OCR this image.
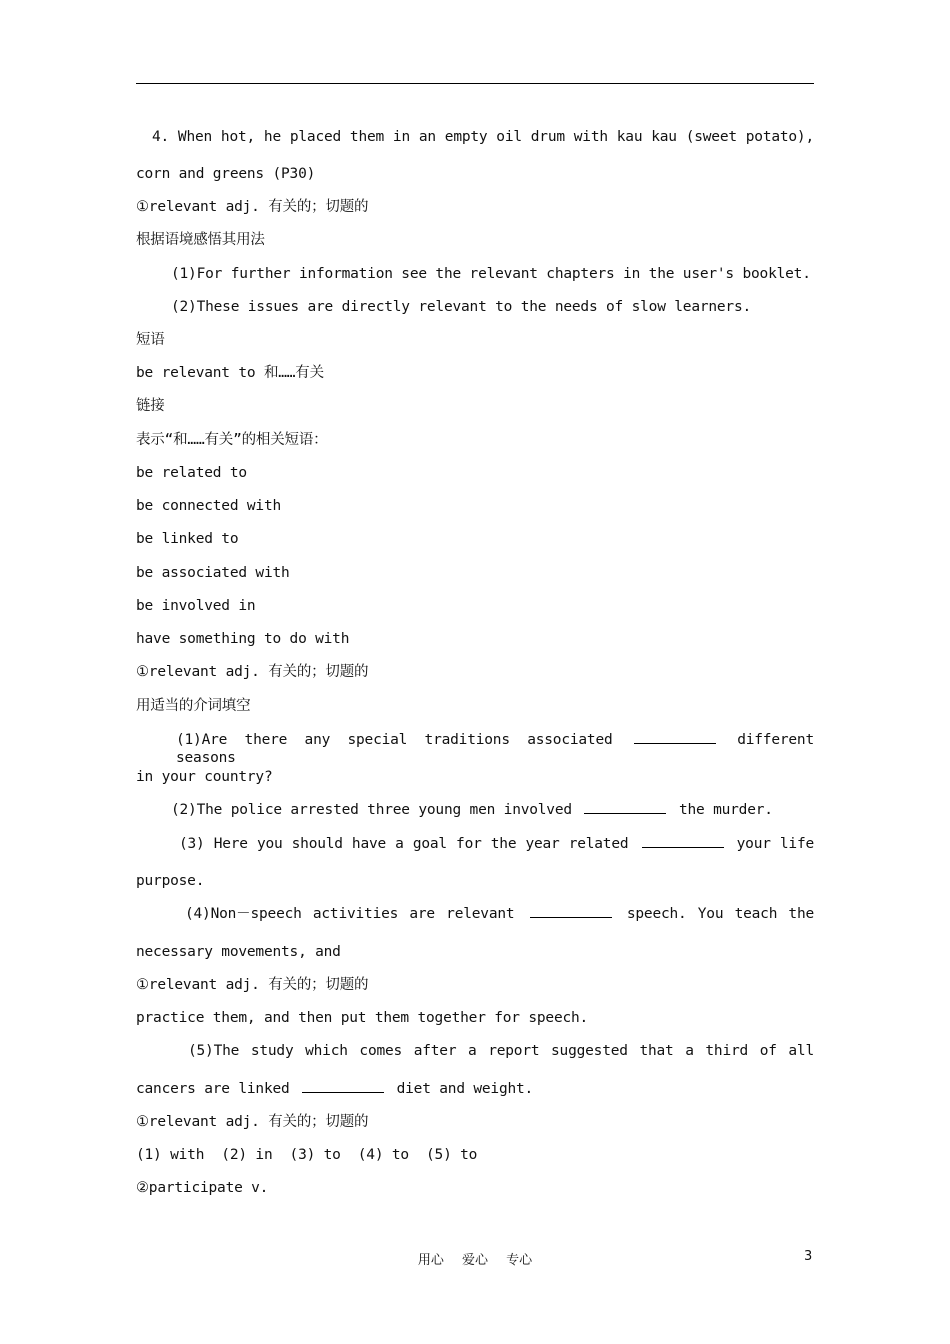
4. When hot, he placed them in an empty oil drum with kau kau (sweet potato),
corn and greens (P30)
①relevant adj. 有关的；切题的
根据语境感悟其用法
(1)For further information see the relevant chapters in the user's booklet.
(2)These issues are directly relevant to the needs of slow learners.
短语
be relevant to 和……有关
链接
表示“和……有关”的相关短语：
be related to
be connected with
be linked to
be associated with
be involved in
have something to do with
①relevant adj. 有关的；切题的
用适当的介词填空
(1)Are there any special traditions associated	different seasons
in your country?
(2)The police arrested three young men involved	the murder.
(3) Here you should have a goal for the year related	your life
purpose.
(4)Non－speech activities are relevant	speech. You teach the
necessary movements, and
①relevant adj. 有关的；切题的
practice them, and then put them together for speech.
(5)The study which comes after a report suggested that a third of all
cancers are linked	diet and weight.
①relevant adj. 有关的；切题的
(1) with  (2) in  (3) to  (4) to  (5) to
②participate v.
用心 爱心 专心	3
